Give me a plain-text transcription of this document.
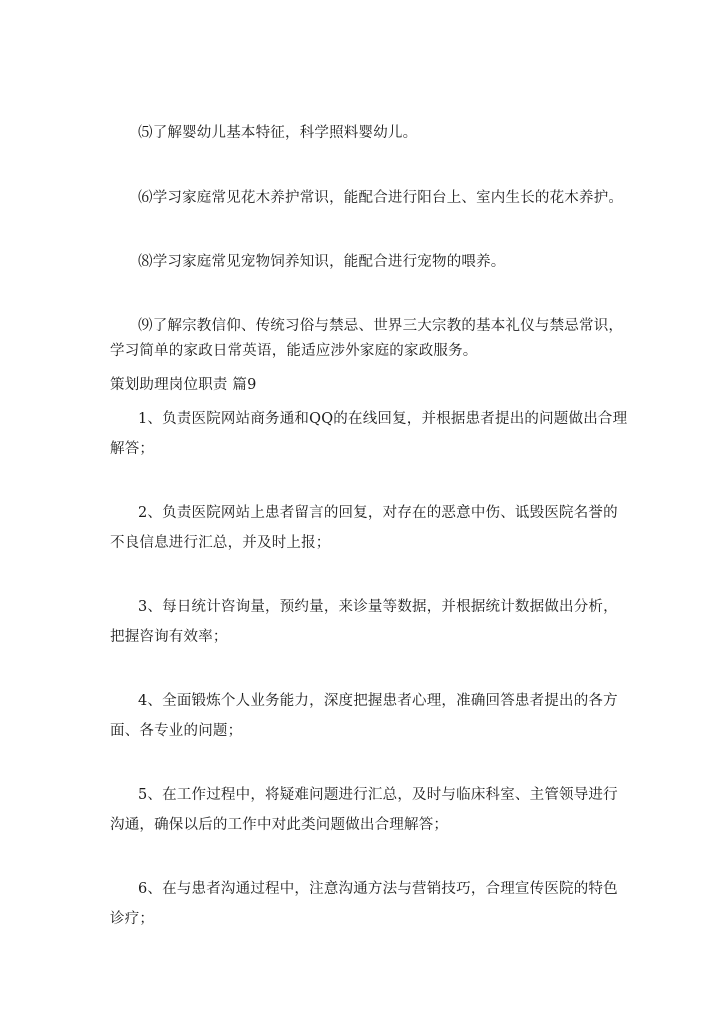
⑸了解婴幼儿基本特征，科学照料婴幼儿。
⑹学习家庭常见花木养护常识，能配合进行阳台上、室内生长的花木养护。
⑻学习家庭常见宠物饲养知识，能配合进行宠物的喂养。
⑼了解宗教信仰、传统习俗与禁忌、世界三大宗教的基本礼仪与禁忌常识，
学习简单的家政日常英语，能适应涉外家庭的家政服务。
策划助理岗位职责 篇9
1、负责医院网站商务通和QQ的在线回复，并根据患者提出的问题做出合理
解答；
2、负责医院网站上患者留言的回复，对存在的恶意中伤、诋毁医院名誉的
不良信息进行汇总，并及时上报；
3、每日统计咨询量，预约量，来诊量等数据，并根据统计数据做出分析，
把握咨询有效率；
4、全面锻炼个人业务能力，深度把握患者心理，准确回答患者提出的各方
面、各专业的问题；
5、在工作过程中，将疑难问题进行汇总，及时与临床科室、主管领导进行
沟通，确保以后的工作中对此类问题做出合理解答；
6、在与患者沟通过程中，注意沟通方法与营销技巧，合理宣传医院的特色
诊疗；
